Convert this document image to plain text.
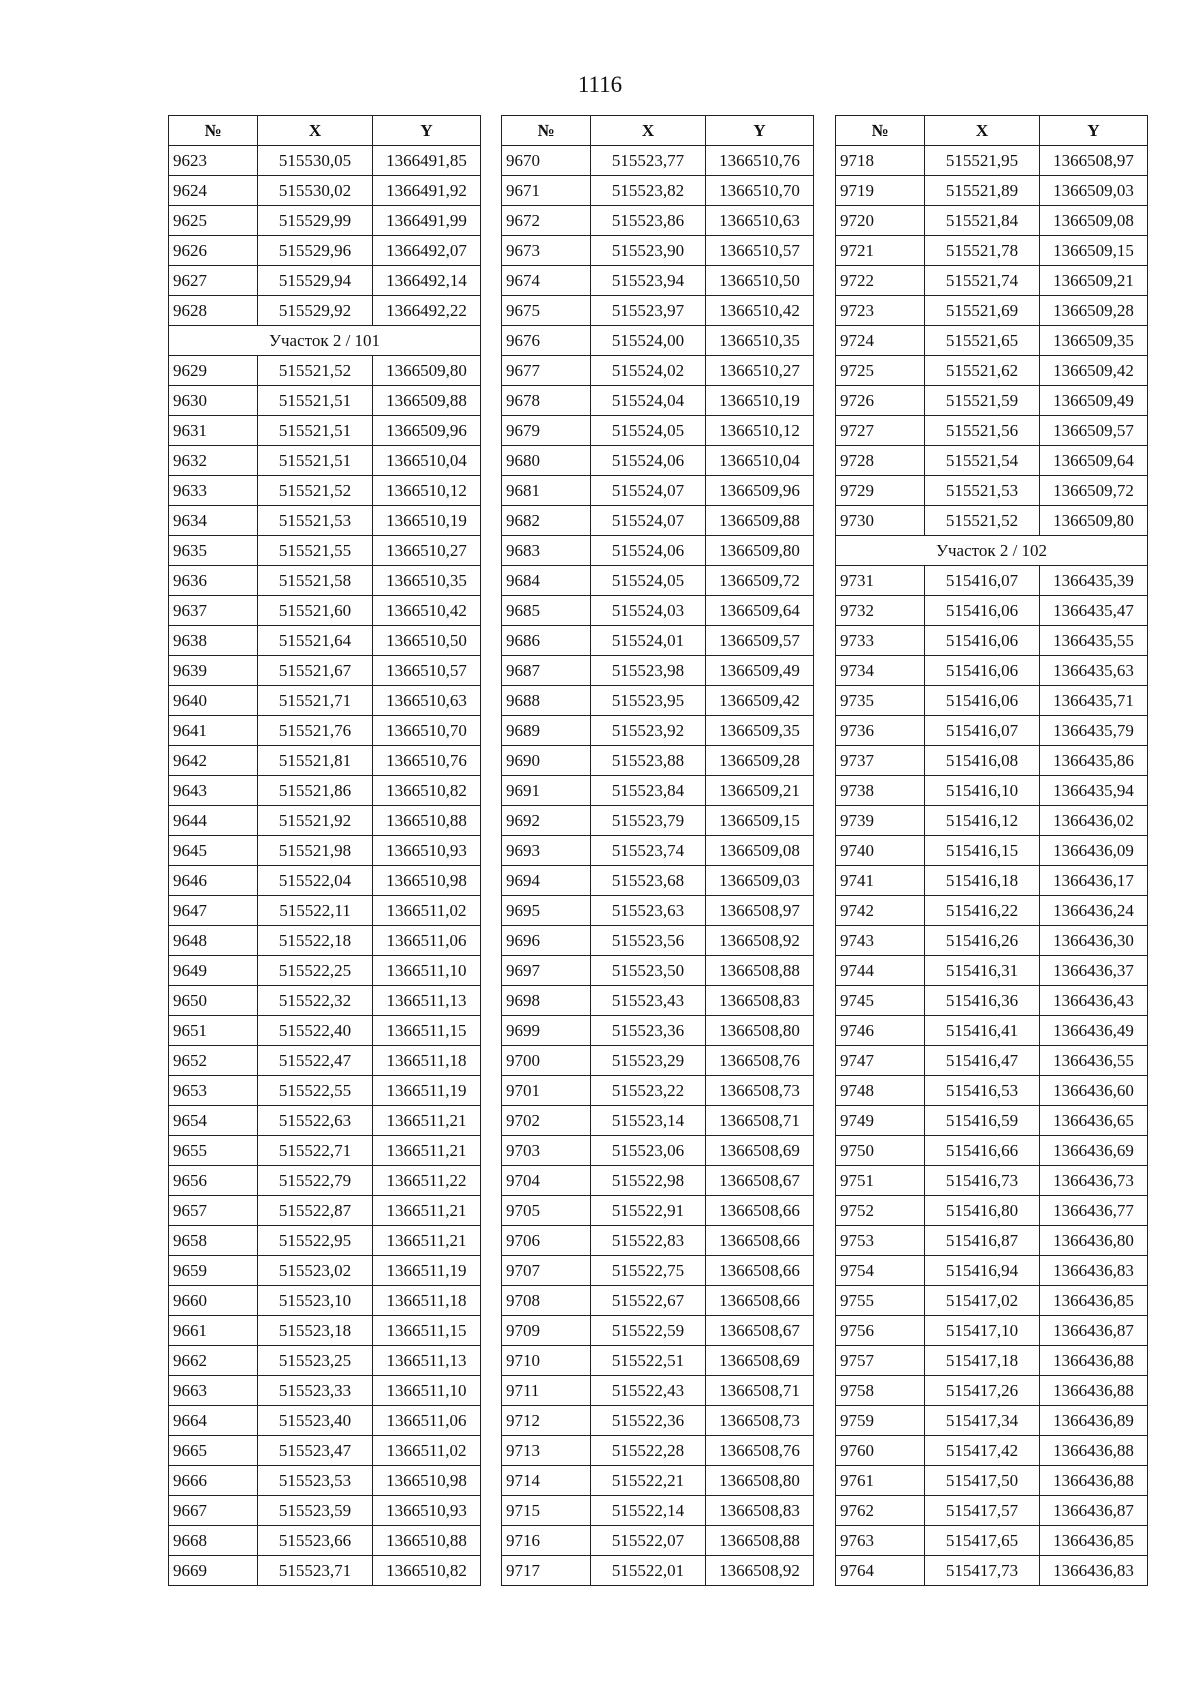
1116
№	X	Y
9623	515530,05	1366491,85
9624	515530,02	1366491,92
9625	515529,99	1366491,99
9626	515529,96	1366492,07
9627	515529,94	1366492,14
9628	515529,92	1366492,22
Участок 2 / 101		
9629	515521,52	1366509,80
9630	515521,51	1366509,88
9631	515521,51	1366509,96
9632	515521,51	1366510,04
9633	515521,52	1366510,12
9634	515521,53	1366510,19
9635	515521,55	1366510,27
9636	515521,58	1366510,35
9637	515521,60	1366510,42
9638	515521,64	1366510,50
9639	515521,67	1366510,57
9640	515521,71	1366510,63
9641	515521,76	1366510,70
9642	515521,81	1366510,76
9643	515521,86	1366510,82
9644	515521,92	1366510,88
9645	515521,98	1366510,93
9646	515522,04	1366510,98
9647	515522,11	1366511,02
9648	515522,18	1366511,06
9649	515522,25	1366511,10
9650	515522,32	1366511,13
9651	515522,40	1366511,15
9652	515522,47	1366511,18
9653	515522,55	1366511,19
9654	515522,63	1366511,21
9655	515522,71	1366511,21
9656	515522,79	1366511,22
9657	515522,87	1366511,21
9658	515522,95	1366511,21
9659	515523,02	1366511,19
9660	515523,10	1366511,18
9661	515523,18	1366511,15
9662	515523,25	1366511,13
9663	515523,33	1366511,10
9664	515523,40	1366511,06
9665	515523,47	1366511,02
9666	515523,53	1366510,98
9667	515523,59	1366510,93
9668	515523,66	1366510,88
9669	515523,71	1366510,82
№	X	Y
9670	515523,77	1366510,76
9671	515523,82	1366510,70
9672	515523,86	1366510,63
9673	515523,90	1366510,57
9674	515523,94	1366510,50
9675	515523,97	1366510,42
9676	515524,00	1366510,35
9677	515524,02	1366510,27
9678	515524,04	1366510,19
9679	515524,05	1366510,12
9680	515524,06	1366510,04
9681	515524,07	1366509,96
9682	515524,07	1366509,88
9683	515524,06	1366509,80
9684	515524,05	1366509,72
9685	515524,03	1366509,64
9686	515524,01	1366509,57
9687	515523,98	1366509,49
9688	515523,95	1366509,42
9689	515523,92	1366509,35
9690	515523,88	1366509,28
9691	515523,84	1366509,21
9692	515523,79	1366509,15
9693	515523,74	1366509,08
9694	515523,68	1366509,03
9695	515523,63	1366508,97
9696	515523,56	1366508,92
9697	515523,50	1366508,88
9698	515523,43	1366508,83
9699	515523,36	1366508,80
9700	515523,29	1366508,76
9701	515523,22	1366508,73
9702	515523,14	1366508,71
9703	515523,06	1366508,69
9704	515522,98	1366508,67
9705	515522,91	1366508,66
9706	515522,83	1366508,66
9707	515522,75	1366508,66
9708	515522,67	1366508,66
9709	515522,59	1366508,67
9710	515522,51	1366508,69
9711	515522,43	1366508,71
9712	515522,36	1366508,73
9713	515522,28	1366508,76
9714	515522,21	1366508,80
9715	515522,14	1366508,83
9716	515522,07	1366508,88
9717	515522,01	1366508,92
№	X	Y
9718	515521,95	1366508,97
9719	515521,89	1366509,03
9720	515521,84	1366509,08
9721	515521,78	1366509,15
9722	515521,74	1366509,21
9723	515521,69	1366509,28
9724	515521,65	1366509,35
9725	515521,62	1366509,42
9726	515521,59	1366509,49
9727	515521,56	1366509,57
9728	515521,54	1366509,64
9729	515521,53	1366509,72
9730	515521,52	1366509,80
Участок 2 / 102		
9731	515416,07	1366435,39
9732	515416,06	1366435,47
9733	515416,06	1366435,55
9734	515416,06	1366435,63
9735	515416,06	1366435,71
9736	515416,07	1366435,79
9737	515416,08	1366435,86
9738	515416,10	1366435,94
9739	515416,12	1366436,02
9740	515416,15	1366436,09
9741	515416,18	1366436,17
9742	515416,22	1366436,24
9743	515416,26	1366436,30
9744	515416,31	1366436,37
9745	515416,36	1366436,43
9746	515416,41	1366436,49
9747	515416,47	1366436,55
9748	515416,53	1366436,60
9749	515416,59	1366436,65
9750	515416,66	1366436,69
9751	515416,73	1366436,73
9752	515416,80	1366436,77
9753	515416,87	1366436,80
9754	515416,94	1366436,83
9755	515417,02	1366436,85
9756	515417,10	1366436,87
9757	515417,18	1366436,88
9758	515417,26	1366436,88
9759	515417,34	1366436,89
9760	515417,42	1366436,88
9761	515417,50	1366436,88
9762	515417,57	1366436,87
9763	515417,65	1366436,85
9764	515417,73	1366436,83
